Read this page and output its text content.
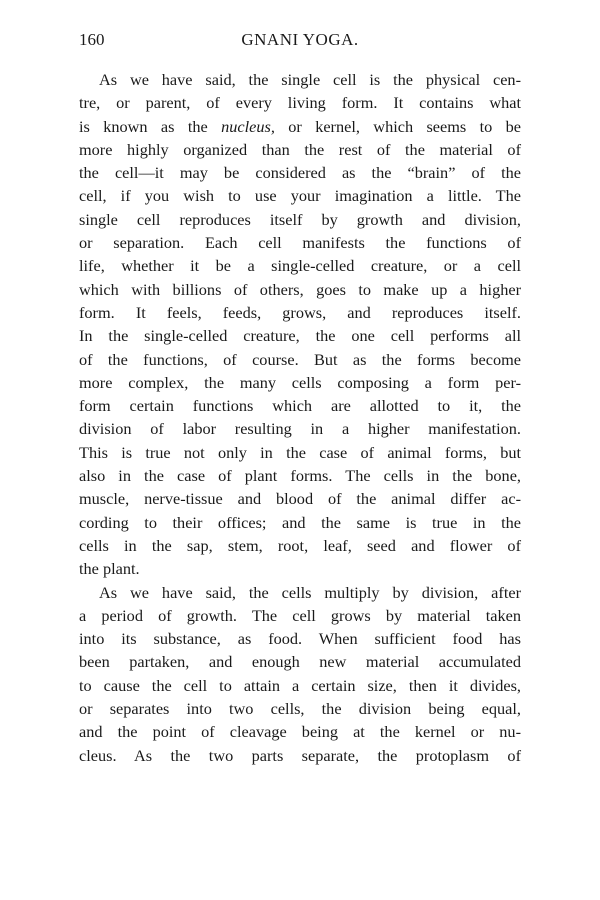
160	GNANI YOGA.
As we have said, the single cell is the physical cen-
tre, or parent, of every living form. It contains what
is known as the nucleus, or kernel, which seems to be
more highly organized than the rest of the material of
the cell—it may be considered as the “brain” of the
cell, if you wish to use your imagination a little. The
single cell reproduces itself by growth and division,
or separation. Each cell manifests the functions of
life, whether it be a single-celled creature, or a cell
which with billions of others, goes to make up a higher
form. It feels, feeds, grows, and reproduces itself.
In the single-celled creature, the one cell performs all
of the functions, of course. But as the forms become
more complex, the many cells composing a form per-
form certain functions which are allotted to it, the
division of labor resulting in a higher manifestation.
This is true not only in the case of animal forms, but
also in the case of plant forms. The cells in the bone,
muscle, nerve-tissue and blood of the animal differ ac-
cording to their offices; and the same is true in the
cells in the sap, stem, root, leaf, seed and flower of
the plant.
As we have said, the cells multiply by division, after
a period of growth. The cell grows by material taken
into its substance, as food. When sufficient food has
been partaken, and enough new material accumulated
to cause the cell to attain a certain size, then it divides,
or separates into two cells, the division being equal,
and the point of cleavage being at the kernel or nu-
cleus. As the two parts separate, the protoplasm of
